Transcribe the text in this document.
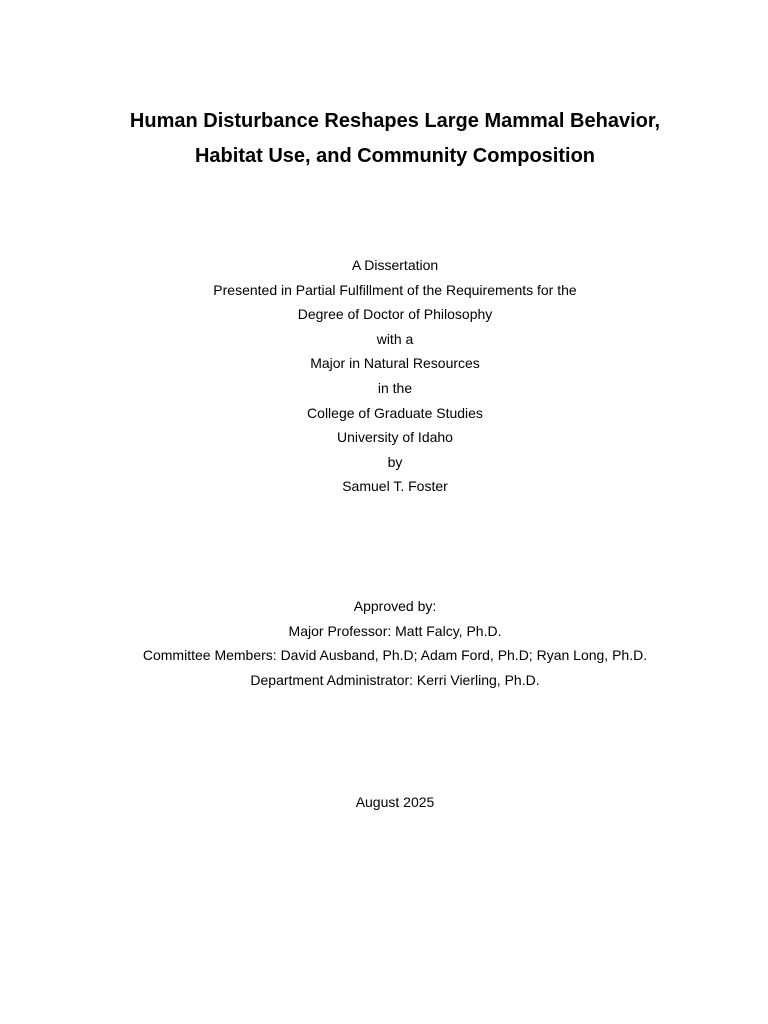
Human Disturbance Reshapes Large Mammal Behavior,

Habitat Use, and Community Composition

A Dissertation

Presented in Partial Fulfillment of the Requirements for the

Degree of Doctor of Philosophy

with a

Major in Natural Resources

in the

College of Graduate Studies

University of Idaho

by

Samuel T. Foster

Approved by:

Major Professor: Matt Falcy, Ph.D.

Committee Members: David Ausband, Ph.D; Adam Ford, Ph.D; Ryan Long, Ph.D.

Department Administrator: Kerri Vierling, Ph.D.

August 2025
